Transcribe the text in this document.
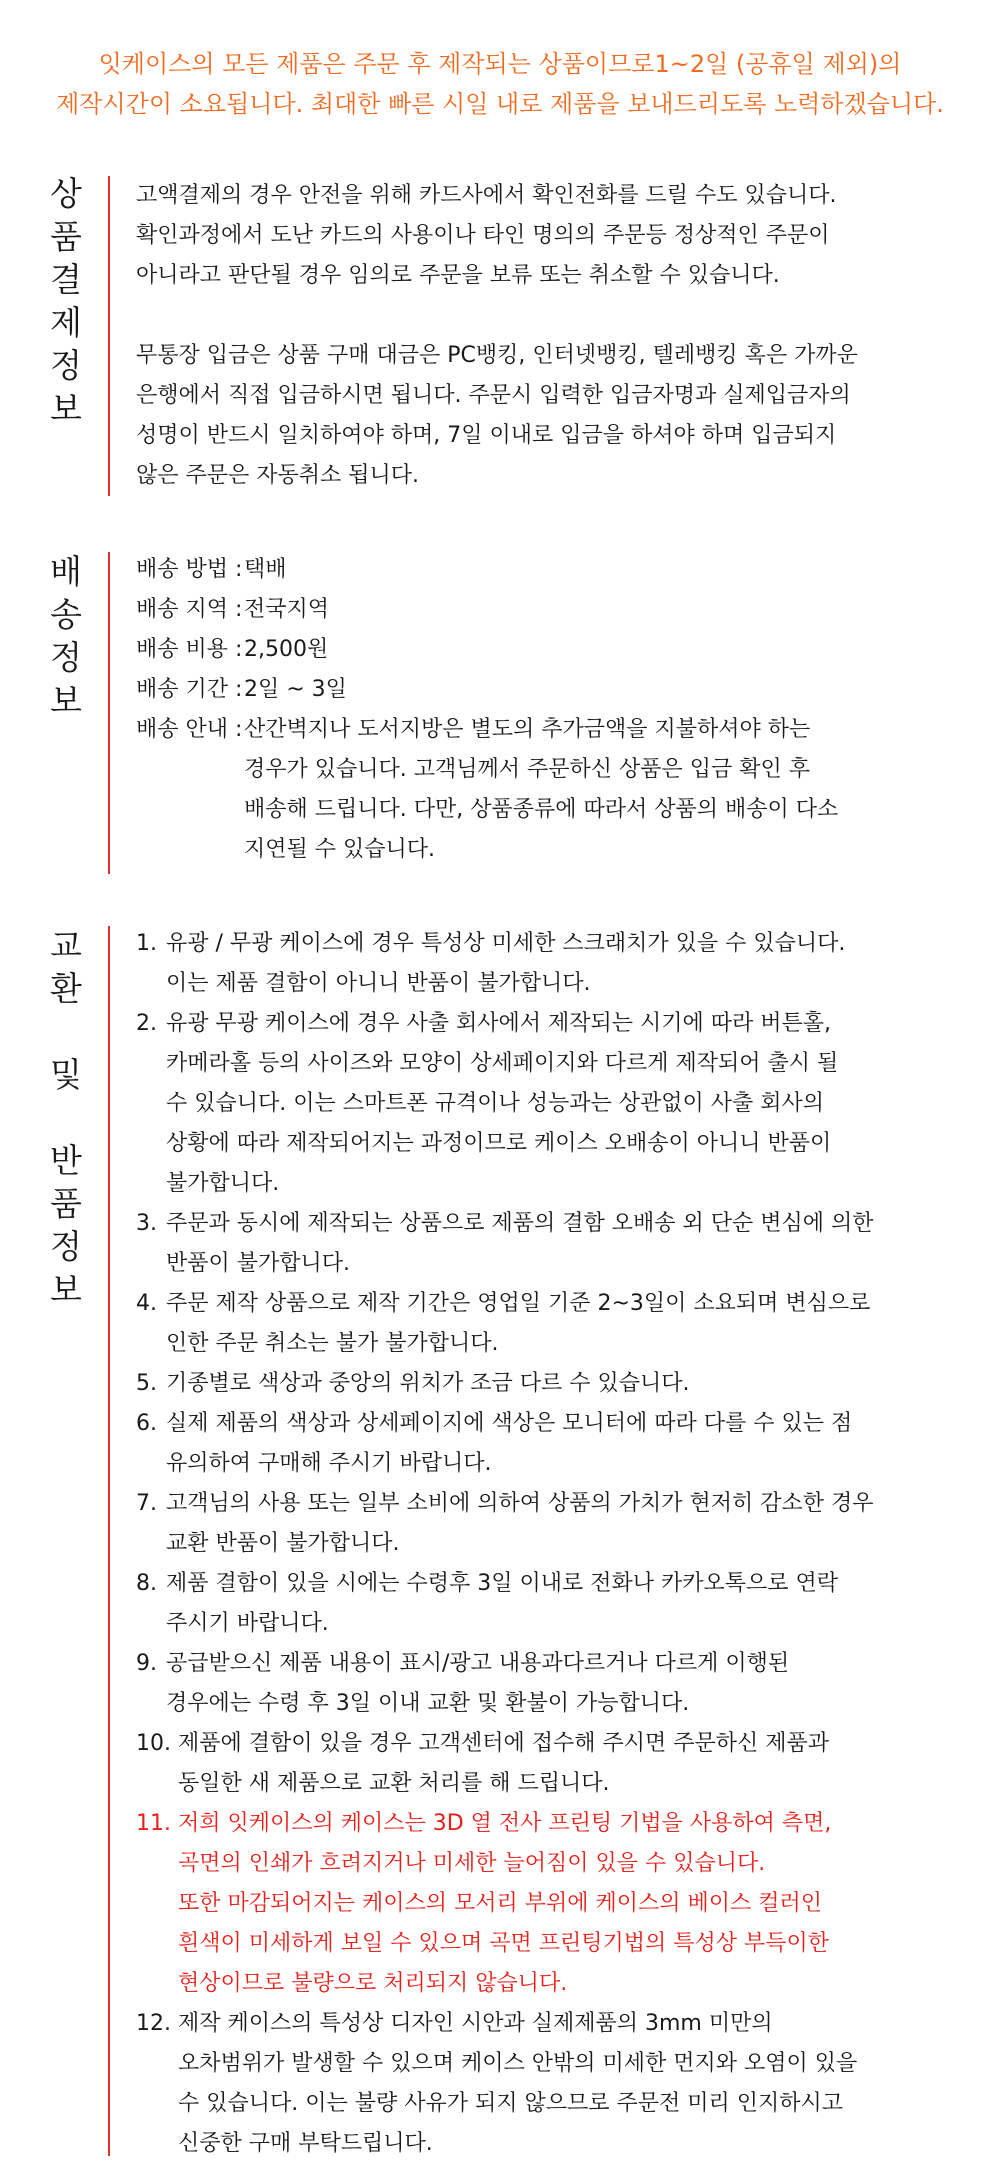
잇케이스의 모든 제품은 주문 후 제작되는 상품이므로1~2일 (공휴일 제외)의
제작시간이 소요됩니다. 최대한 빠른 시일 내로 제품을 보내드리도록 노력하겠습니다.
상
품
결
제
정
보
고액결제의 경우 안전을 위해 카드사에서 확인전화를 드릴 수도 있습니다.
확인과정에서 도난 카드의 사용이나 타인 명의의 주문등 정상적인 주문이
아니라고 판단될 경우 임의로 주문을 보류 또는 취소할 수 있습니다.
무통장 입금은 상품 구매 대금은 PC뱅킹, 인터넷뱅킹, 텔레뱅킹 혹은 가까운
은행에서 직접 입금하시면 됩니다. 주문시 입력한 입금자명과 실제입금자의
성명이 반드시 일치하여야 하며, 7일 이내로 입금을 하셔야 하며 입금되지
않은 주문은 자동취소 됩니다.
배
송
정
보
배송 방법 : 택배
배송 지역 : 전국지역
배송 비용 : 2,500원
배송 기간 : 2일 ~ 3일
배송 안내 : 산간벽지나 도서지방은 별도의 추가금액을 지불하셔야 하는
경우가 있습니다. 고객님께서 주문하신 상품은 입금 확인 후
배송해 드립니다. 다만, 상품종류에 따라서 상품의 배송이 다소
지연될 수 있습니다.
교
환
및
반
품
정
보
1. 유광 / 무광 케이스에 경우 특성상 미세한 스크래치가 있을 수 있습니다.
이는 제품 결함이 아니니 반품이 불가합니다.
2. 유광 무광 케이스에 경우 사출 회사에서 제작되는 시기에 따라 버튼홀,
카메라홀 등의 사이즈와 모양이 상세페이지와 다르게 제작되어 출시 될
수 있습니다. 이는 스마트폰 규격이나 성능과는 상관없이 사출 회사의
상황에 따라 제작되어지는 과정이므로 케이스 오배송이 아니니 반품이
불가합니다.
3. 주문과 동시에 제작되는 상품으로 제품의 결함 오배송 외 단순 변심에 의한
반품이 불가합니다.
4. 주문 제작 상품으로 제작 기간은 영업일 기준 2~3일이 소요되며 변심으로
인한 주문 취소는 불가 불가합니다.
5. 기종별로 색상과 중앙의 위치가 조금 다르 수 있습니다.
6. 실제 제품의 색상과 상세페이지에 색상은 모니터에 따라 다를 수 있는 점
유의하여 구매해 주시기 바랍니다.
7. 고객님의 사용 또는 일부 소비에 의하여 상품의 가치가 현저히 감소한 경우
교환 반품이 불가합니다.
8. 제품 결함이 있을 시에는 수령후 3일 이내로 전화나 카카오톡으로 연락
주시기 바랍니다.
9. 공급받으신 제품 내용이 표시/광고 내용과다르거나 다르게 이행된
경우에는 수령 후 3일 이내 교환 및 환불이 가능합니다.
10. 제품에 결함이 있을 경우 고객센터에 접수해 주시면 주문하신 제품과
동일한 새 제품으로 교환 처리를 해 드립니다.
11. 저희 잇케이스의 케이스는 3D 열 전사 프린팅 기법을 사용하여 측면,
곡면의 인쇄가 흐려지거나 미세한 늘어짐이 있을 수 있습니다.
또한 마감되어지는 케이스의 모서리 부위에 케이스의 베이스 컬러인
흰색이 미세하게 보일 수 있으며 곡면 프린팅기법의 특성상 부득이한
현상이므로 불량으로 처리되지 않습니다.
12. 제작 케이스의 특성상 디자인 시안과 실제제품의 3mm 미만의
오차범위가 발생할 수 있으며 케이스 안밖의 미세한 먼지와 오염이 있을
수 있습니다. 이는 불량 사유가 되지 않으므로 주문전 미리 인지하시고
신중한 구매 부탁드립니다.
